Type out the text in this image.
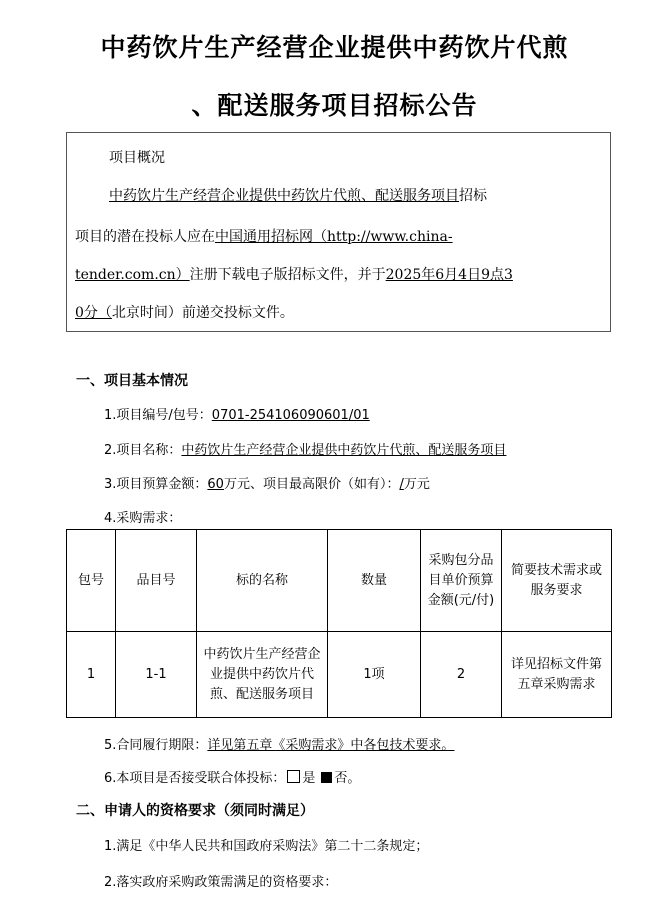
中药饮片生产经营企业提供中药饮片代煎
、配送服务项目招标公告
项目概况
中药饮片生产经营企业提供中药饮片代煎、配送服务项目招标
项目的潜在投标人应在中国通用招标网（http://www.china-
tender.com.cn）注册下载电子版招标文件，并于2025年6月4日9点3
0分（北京时间）前递交投标文件。
一、项目基本情况
1.项目编号/包号：0701-254106090601/01
2.项目名称：中药饮片生产经营企业提供中药饮片代煎、配送服务项目
3.项目预算金额：60万元、项目最高限价（如有）：/万元
4.采购需求：
包号	品目号	标的名称	数量	采购包分品目单价预算金额(元/付)	简要技术需求或服务要求
1	1-1	中药饮片生产经营企业提供中药饮片代煎、配送服务项目	1项	2	详见招标文件第五章采购需求
5.合同履行期限：详见第五章《采购需求》中各包技术要求。
6.本项目是否接受联合体投标： 是 否。
二、申请人的资格要求（须同时满足）
1.满足《中华人民共和国政府采购法》第二十二条规定；
2.落实政府采购政策需满足的资格要求：
